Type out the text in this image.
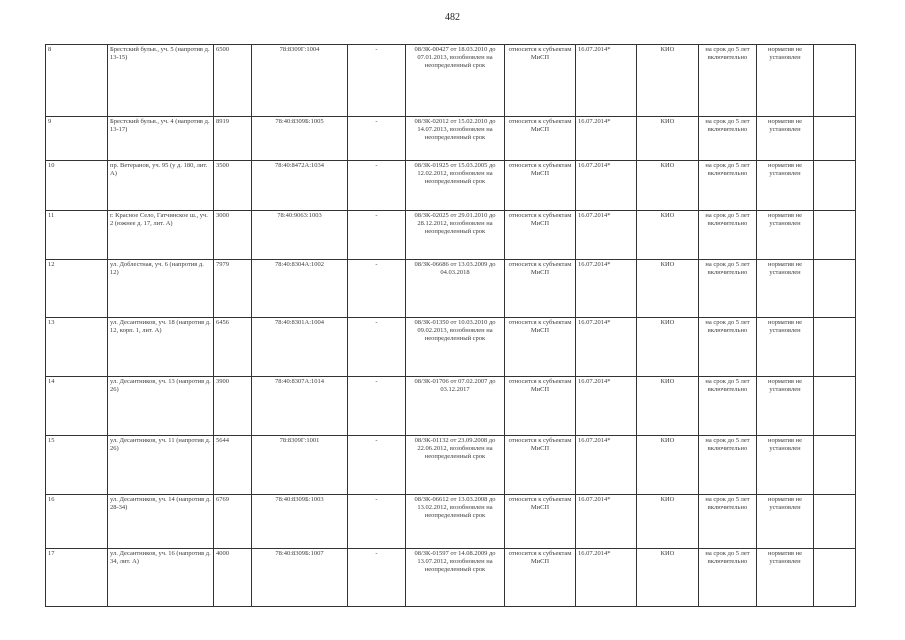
482
8	Брестский бульв., уч. 5 (напротив д. 13-15)	6500	78:8309Г:1004	-	08/ЗК-00427 от 18.03.2010 до 07.01.2013, возобновлен на неопределенный срок	относится к субъектам МиСП	16.07.2014*	КИО	на срок до 5 лет включительно	норматив не установлен	
9	Брестский бульв., уч. 4 (напротив д. 13-17)	8919	78:40:8309Б:1005	-	08/ЗК-02012 от 15.02.2010 до 14.07.2013, возобновлен на неопределенный срок	относится к субъектам МиСП	16.07.2014*	КИО	на срок до 5 лет включительно	норматив не установлен	
10	пр. Ветеранов, уч. 95 (у д. 180, лит. А)	3500	78:40:8472А:1034	-	08/ЗК-01925 от 15.03.2005 до 12.02.2012, возобновлен на неопределенный срок	относится к субъектам МиСП	16.07.2014*	КИО	на срок до 5 лет включительно	норматив не установлен	
11	г. Красное Село, Гатчинское ш., уч. 2 (южнее д. 17, лит. А)	3000	78:40:9063:1003	-	08/ЗК-02025 от 29.01.2010 до 28.12.2012, возобновлен на неопределенный срок	относится к субъектам МиСП	16.07.2014*	КИО	на срок до 5 лет включительно	норматив не установлен	
12	ул. Доблестная, уч. 6 (напротив д. 12)	7979	78:40:8304А:1002	-	08/ЗК-06686 от 13.03.2009 до 04.03.2018	относится к субъектам МиСП	16.07.2014*	КИО	на срок до 5 лет включительно	норматив не установлен	
13	ул. Десантников, уч. 18 (напротив д. 12, корп. 1, лит. А)	6456	78:40:8301А:1004	-	08/ЗК-01350 от 10.03.2010 до 09.02.2013, возобновлен на неопределенный срок	относится к субъектам МиСП	16.07.2014*	КИО	на срок до 5 лет включительно	норматив не установлен	
14	ул. Десантников, уч. 13 (напротив д. 26)	3900	78:40:8307А:1014	-	08/ЗК-01706 от 07.02.2007 до 03.12.2017	относится к субъектам МиСП	16.07.2014*	КИО	на срок до 5 лет включительно	норматив не установлен	
15	ул. Десантников, уч. 11 (напротив д. 26)	5644	78:8309Г:1001	-	08/ЗК-01132 от 23.09.2008 до 22.06.2012, возобновлен на неопределенный срок	относится к субъектам МиСП	16.07.2014*	КИО	на срок до 5 лет включительно	норматив не установлен	
16	ул. Десантников, уч. 14 (напротив д. 28-34)	6769	78:40:8309Б:1003	-	08/ЗК-06612 от 13.03.2008 до 13.02.2012, возобновлен на неопределенный срок	относится к субъектам МиСП	16.07.2014*	КИО	на срок до 5 лет включительно	норматив не установлен	
17	ул. Десантников, уч. 16 (напротив д. 34, лит. А)	4000	78:40:8309Б:1007	-	08/ЗК-01597 от 14.08.2009 до 13.07.2012, возобновлен на неопределенный срок	относится к субъектам МиСП	16.07.2014*	КИО	на срок до 5 лет включительно	норматив не установлен	
